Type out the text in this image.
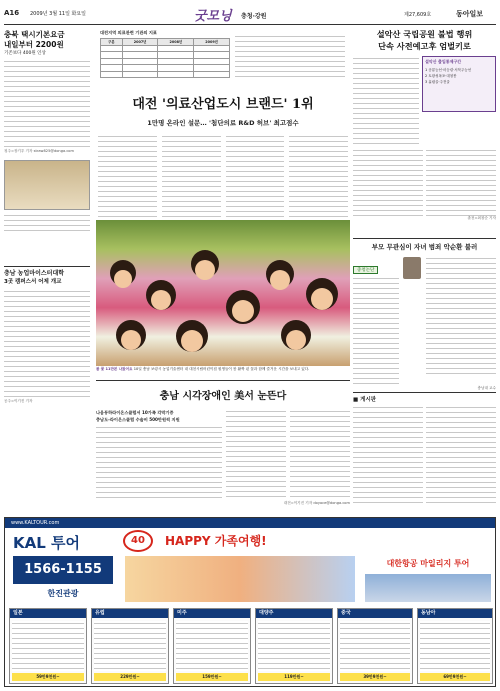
A16 2009년 3월 11일 화요일	굿모닝 충청·강원	제27,609호	동아일보
충북 택시기본요금
내일부터 2200원
기존보다 400원 인상
청주=장기우 기자 straw825@donga.com
충남 농업마이스터대학
3곳 캠퍼스서 어제 개교
공주=이기진 기자
대전지역 의료관련 기관의 지표
구분	2007년	2008년	2009년

대전 '의료산업도시 브랜드' 1위
1만명 온라인 설문… '첨단의료 R&D 허브' 최고점수
설악산 국립공원 불법 행위
단속 사전예고후 엄벌키로
설악산 출입통제구간
1 공룡능선·마등령·서북주능선
2 토왕성폭포·대청봉
3 흘림골·주전골
춘천=최창순 기자
부모 무관심이 자녀 범죄 악순환 불러
충청논단
충남대 교수
■ 게시판
봄 꽃 11만본 나왔어요 10일 충남 보령시 농업기술센터 내 대천시립어린이집 원생들이 봄 활짝 핀 꽃과 함께 즐거운 시간을 보내고 있다.
충남 시각장애인 美서 눈뜬다
나음동하라이온스클럽서 10가족 각막기증
충남도-라이온스클럽 수술비 500만원씩 지원
대전=이기진 기자 doyoce@donga.com
www.KALTOUR.com
KAL 투어	40	HAPPY 가족여행!
1566-1155
한진관광
대한항공 마일리지 투어
일본
59만9천원~
유럽
229만원~
미주
159만원~
대양주
119만원~
중국
39만9천원~
동남아
69만9천원~
